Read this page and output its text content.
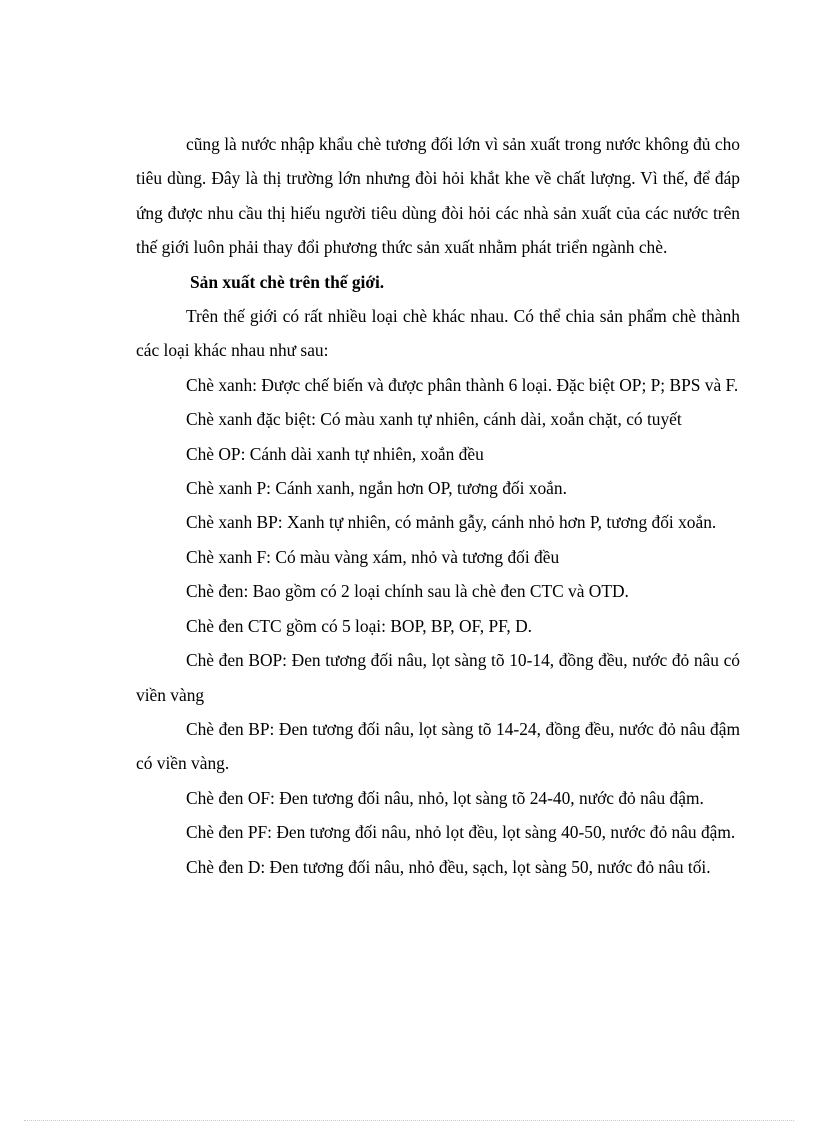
cũng là nước nhập khẩu chè tương đối lớn vì sản xuất trong nước không đủ cho tiêu dùng. Đây là thị trường lớn nhưng đòi hỏi khắt khe về chất lượng. Vì thế, để đáp ứng được nhu cầu thị hiếu người tiêu dùng đòi hỏi các nhà sản xuất của các nước trên thế giới luôn phải thay đổi phương thức sản xuất nhằm phát triển ngành chè.

Sản xuất chè trên thế giới.

Trên thế giới có rất nhiều loại chè khác nhau. Có thể chia sản phẩm chè thành các loại khác nhau như sau:

Chè xanh: Được chế biến và được phân thành 6 loại. Đặc biệt OP; P; BPS và F.

Chè xanh đặc biệt: Có màu xanh tự nhiên, cánh dài, xoắn chặt, có tuyết

Chè OP: Cánh dài xanh tự nhiên, xoắn đều

Chè xanh P: Cánh xanh, ngắn hơn OP, tương đối xoắn.

Chè xanh BP: Xanh tự nhiên, có mảnh gẫy, cánh nhỏ hơn P, tương đối xoắn.

Chè xanh F: Có màu vàng xám, nhỏ và tương đối đều

Chè đen: Bao gồm có 2 loại chính sau là chè đen CTC và OTD.

Chè đen CTC gồm có 5 loại: BOP, BP, OF, PF, D.

Chè đen BOP: Đen tương đối nâu, lọt sàng tõ 10-14, đồng đều, nước đỏ nâu có viền vàng

Chè đen BP: Đen tương đối nâu, lọt sàng tõ 14-24, đồng đều, nước đỏ nâu đậm có viền vàng.

Chè đen OF: Đen tương đối nâu, nhỏ, lọt sàng tõ 24-40, nước đỏ nâu đậm.

Chè đen PF: Đen tương đối nâu, nhỏ lọt đều, lọt sàng 40-50, nước đỏ nâu đậm.

Chè đen D: Đen tương đối nâu, nhỏ đều, sạch, lọt sàng 50, nước đỏ nâu tối.
